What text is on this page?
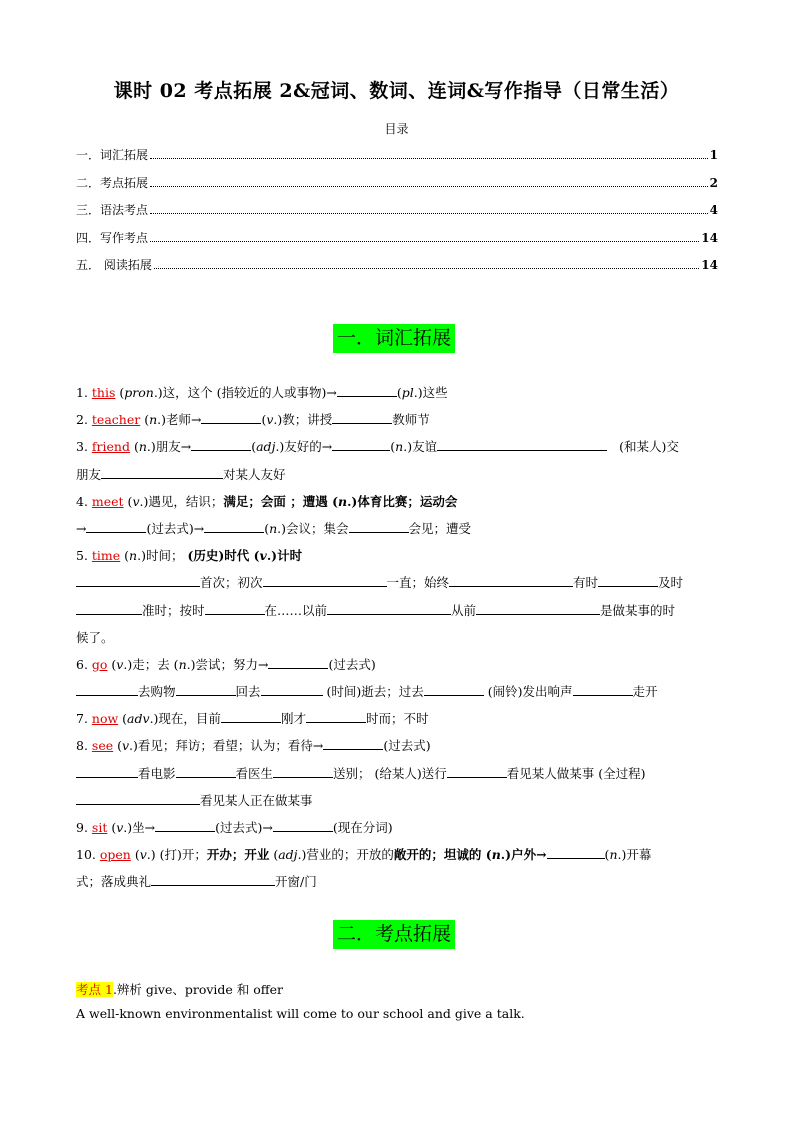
课时 02 考点拓展 2&冠词、数词、连词&写作指导（日常生活）
目录
一．词汇拓展	1
二．考点拓展	2
三．语法考点	4
四．写作考点	14
五． 阅读拓展	14
一．词汇拓展
1. this (pron.)这，这个 (指较近的人或事物)→	(pl.)这些
2. teacher (n.)老师→	(v.)教；讲授	教师节
3. friend (n.)朋友→	(adj.)友好的→	(n.)友谊	(和某人)交
朋友	对某人友好
4. meet (v.)遇见，结识；满足；会面 ；遭遇 (n.)体育比赛；运动会
→	(过去式)→	(n.)会议；集会	会见；遭受
5. time (n.)时间； (历史)时代 (v.)计时
首次；初次	一直；始终	有时	及时
准时；按时	在……以前	从前	是做某事的时
候了。
6. go (v.)走；去 (n.)尝试；努力→	(过去式)
去购物	回去	(时间)逝去；过去	(闹铃)发出响声	走开
7. now (adv.)现在，目前	刚才	时而；不时
8. see (v.)看见；拜访；看望；认为；看待→	(过去式)
看电影	看医生	送别； (给某人)送行	看见某人做某事 (全过程)
看见某人正在做某事
9. sit (v.)坐→	(过去式)→	(现在分词)
10. open (v.) (打)开；开办；开业 (adj.)营业的；开放的敞开的；坦诚的 (n.)户外→	(n.)开幕
式；落成典礼	开窗/门
二．考点拓展
考点 1.辨析 give、provide 和 offer
A well-known environmentalist will come to our school and give a talk.
